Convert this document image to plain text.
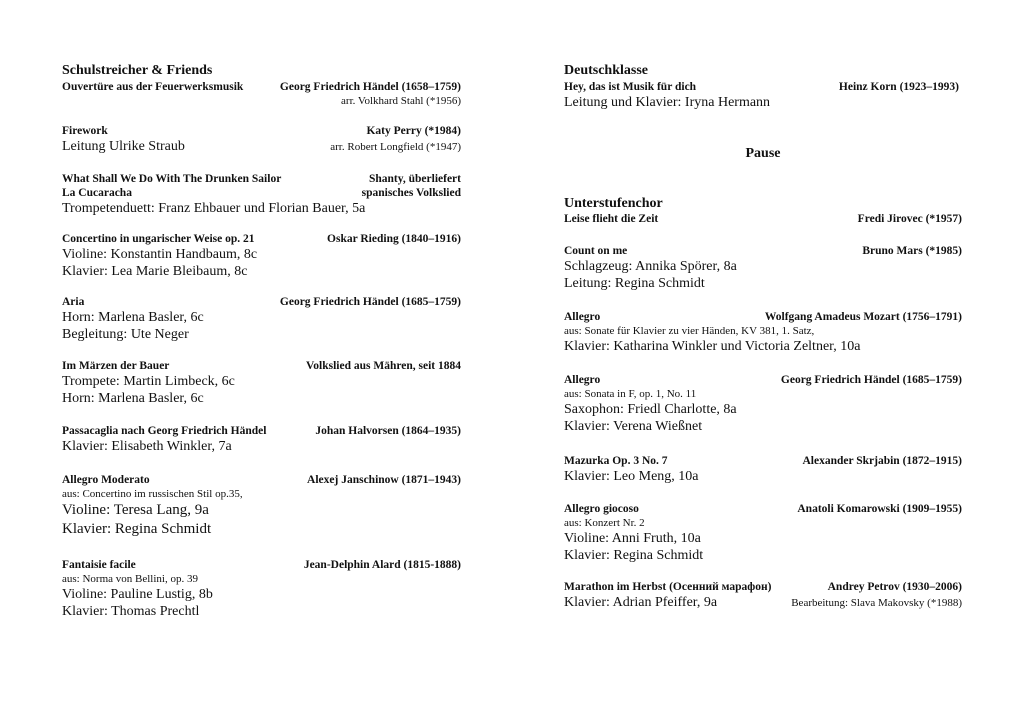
Schulstreicher & Friends
Ouvertüre aus der Feuerwerksmusik	Georg Friedrich Händel (1658–1759)
arr. Volkhard Stahl (*1956)
Firework	Katy Perry (*1984)
Leitung Ulrike Straub	arr. Robert Longfield (*1947)
What Shall We Do With The Drunken Sailor	Shanty, überliefert
La Cucaracha	spanisches Volkslied
Trompetenduett: Franz Ehbauer und Florian Bauer, 5a
Concertino in ungarischer Weise op. 21	Oskar Rieding (1840–1916)
Violine: Konstantin Handbaum, 8c
Klavier: Lea Marie Bleibaum, 8c
Aria	Georg Friedrich Händel (1685–1759)
Horn: Marlena Basler, 6c
Begleitung: Ute Neger
Im Märzen der Bauer	Volkslied aus Mähren, seit 1884
Trompete: Martin Limbeck, 6c
Horn: Marlena Basler, 6c
Passacaglia nach Georg Friedrich Händel	Johan Halvorsen (1864–1935)
Klavier: Elisabeth Winkler, 7a
Allegro Moderato	Alexej Janschinow (1871–1943)
aus: Concertino im russischen Stil op.35,
Violine: Teresa Lang, 9a
Klavier: Regina Schmidt
Fantaisie facile	Jean-Delphin Alard (1815-1888)
aus: Norma von Bellini, op. 39
Violine: Pauline Lustig, 8b
Klavier: Thomas Prechtl
Deutschklasse
Hey, das ist Musik für dich	Heinz Korn (1923–1993)
Leitung und Klavier: Iryna Hermann
Pause
Unterstufenchor
Leise flieht die Zeit	Fredi Jirovec (*1957)
Count on me	Bruno Mars (*1985)
Schlagzeug: Annika Spörer, 8a
Leitung: Regina Schmidt
Allegro	Wolfgang Amadeus Mozart (1756–1791)
aus: Sonate für Klavier zu vier Händen, KV 381, 1. Satz,
Klavier: Katharina Winkler und Victoria Zeltner, 10a
Allegro	Georg Friedrich Händel (1685–1759)
aus: Sonata in F, op. 1, No. 11
Saxophon: Friedl Charlotte, 8a
Klavier: Verena Wießnet
Mazurka Op. 3 No. 7	Alexander Skrjabin (1872–1915)
Klavier: Leo Meng, 10a
Allegro giocoso	Anatoli Komarowski (1909–1955)
aus: Konzert Nr. 2
Violine: Anni Fruth, 10a
Klavier: Regina Schmidt
Marathon im Herbst (Осенний марафон)	Andrey Petrov (1930–2006)
Klavier: Adrian Pfeiffer, 9a	Bearbeitung: Slava Makovsky (*1988)
